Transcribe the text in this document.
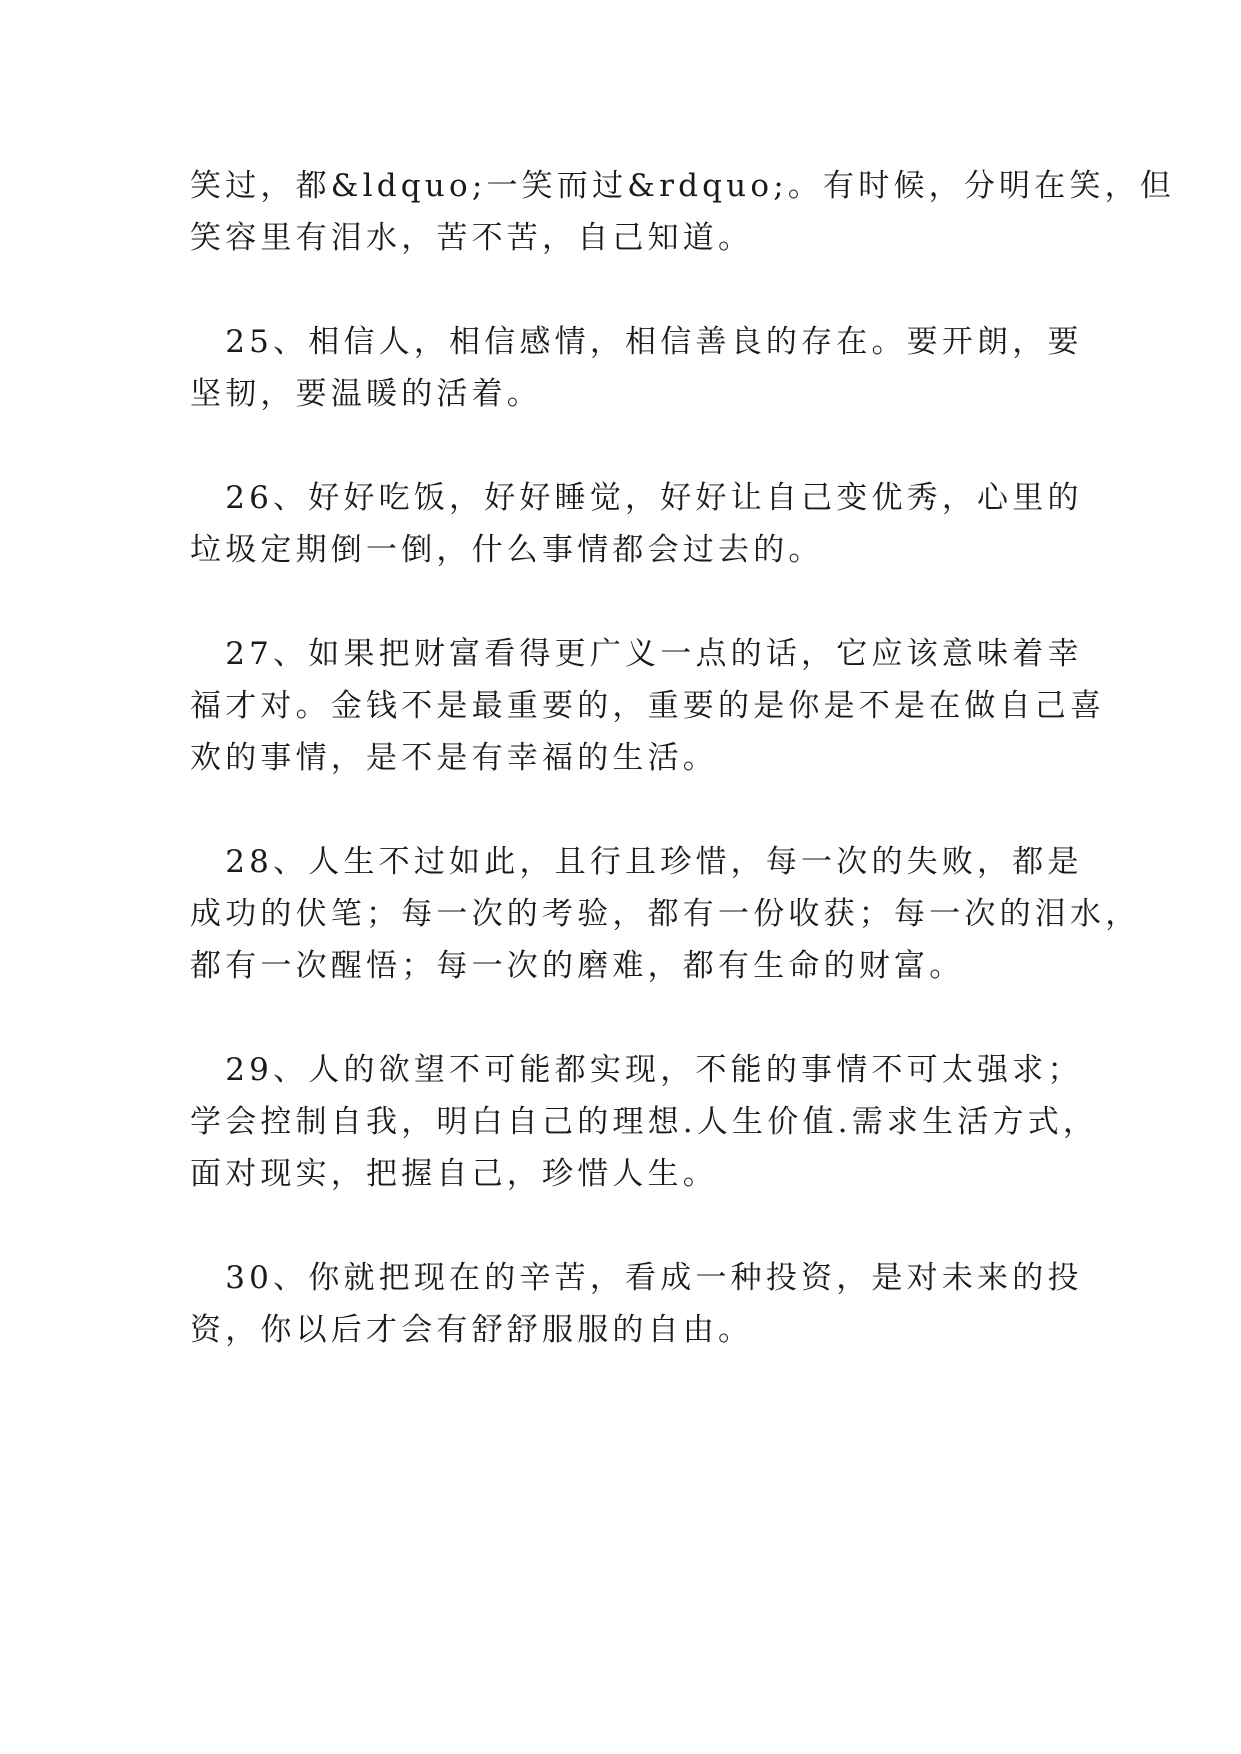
笑过，都&ldquo;一笑而过&rdquo;。有时候，分明在笑，但
笑容里有泪水，苦不苦，自己知道。
　25、相信人，相信感情，相信善良的存在。要开朗，要
坚韧，要温暖的活着。
　26、好好吃饭，好好睡觉，好好让自己变优秀，心里的
垃圾定期倒一倒，什么事情都会过去的。
　27、如果把财富看得更广义一点的话，它应该意味着幸
福才对。金钱不是最重要的，重要的是你是不是在做自己喜
欢的事情，是不是有幸福的生活。
　28、人生不过如此，且行且珍惜，每一次的失败，都是
成功的伏笔；每一次的考验，都有一份收获；每一次的泪水，
都有一次醒悟；每一次的磨难，都有生命的财富。
　29、人的欲望不可能都实现，不能的事情不可太强求；
学会控制自我，明白自己的理想.人生价值.需求生活方式，
面对现实，把握自己，珍惜人生。
　30、你就把现在的辛苦，看成一种投资，是对未来的投
资，你以后才会有舒舒服服的自由。
